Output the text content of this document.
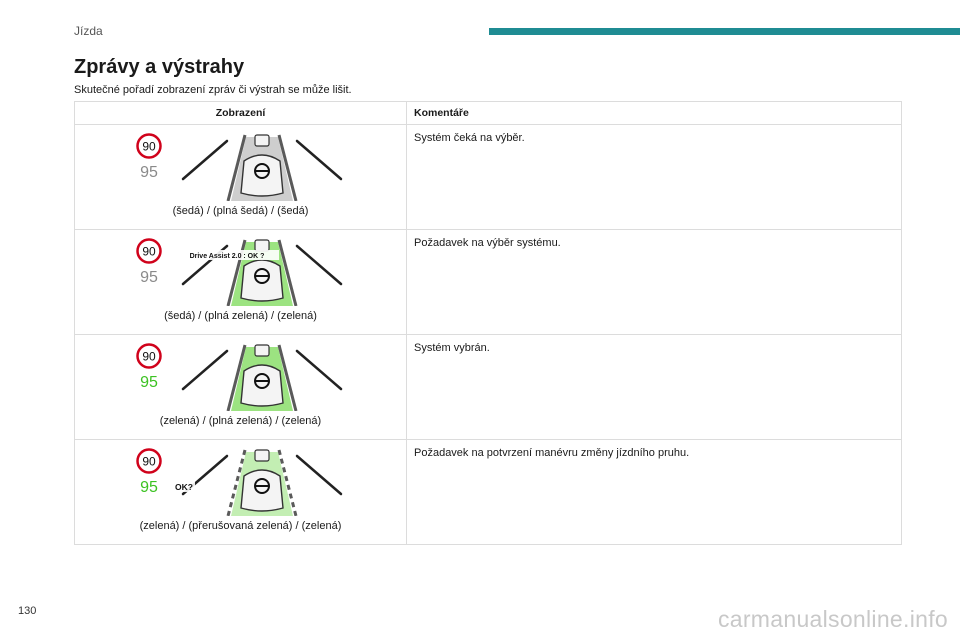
Jízda
Zprávy a výstrahy
Skutečné pořadí zobrazení zpráv či výstrah se může lišit.
Zobrazení	Komentáře

90
95
(šedá) / (plná šedá) / (šedá)	Systém čeká na výběr.

90
95
Drive Assist 2.0 : OK ?
(šedá) / (plná zelená) / (zelená)	Požadavek na výběr systému.

90
95
(zelená) / (plná zelená) / (zelená)	Systém vybrán.

90
95 OK?
(zelená) / (přerušovaná zelená) / (zelená)	Požadavek na potvrzení manévru změny jízdního pruhu.
130	carmanualsonline.info
